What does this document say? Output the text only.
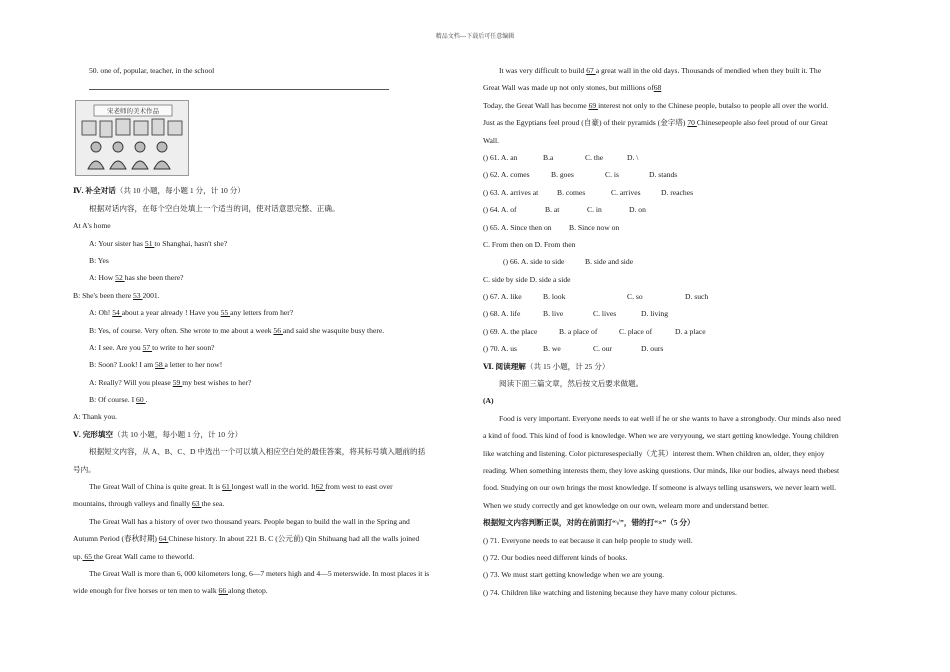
精品文档---下载后可任意编辑
50. one of, popular, teacher, in the school
宋老师的美术作品
Ⅳ. 补全对话（共 10 小题，每小题 1 分，计 10 分）
根据对话内容，在每个空白处填上一个适当的词，使对话意思完整、正确。
At A's home
A: Your sister has 51 to Shanghai, hasn't she?
B: Yes
A: How 52 has she been there?
B: She's been there 53 2001.
A: Oh! 54 about a year already ! Have you 55 any letters from her?
B: Yes, of course. Very often. She wrote to me about a week 56 and said she wasquite busy there.
A: I see. Are you 57 to write to her soon?
B: Soon? Look! I am 58 a letter to her now!
A: Really? Will you please 59 my best wishes to her?
B: Of course. I 60 .
A: Thank you.
Ⅴ. 完形填空（共 10 小题，每小题 1 分，计 10 分）
根据短文内容，从 A、B、C、D 中选出一个可以填入相应空白处的最佳答案，将其标号填入题前的括
号内。
The Great Wall of China is quite great. It is 61 longest wall in the world. It62 from west to east over
mountains, through valleys and finally 63 the sea.
The Great Wall has a history of over two thousand years. People began to build the wall in the Spring and
Autumn Period (春秋时期) 64 Chinese history. In about 221 B. C (公元前) Qin Shihuang had all the walls joined
up. 65 the Great Wall came to theworld.
The Great Wall is more than 6, 000 kilometers long, 6—7 meters high and 4—5 meterswide. In most places it is
wide enough for five horses or ten men to walk 66 along thetop.
It was very difficult to build 67 a great wall in the old days. Thousands of mendied when they built it. The
Great Wall was made up not only stones, but millions of68
Today, the Great Wall has become 69 interest not only to the Chinese people, butalso to people all over the world.
Just as the Egyptians feel proud (自豪) of their pyramids (金字塔) 70 Chinesepeople also feel proud of our Great
Wall.
() 61. A. an	B.a	C. the	D. \
() 62. A. comes	B. goes	C. is	D. stands
() 63. A. arrives at B. comes	C. arrives	D. reaches
() 64. A. of	B. at	C. in	D. on
() 65. A. Since then on B. Since now on
C. From then on D. From then
() 66. A. side to side	B. side and side
C. side by side D. side a side
() 67. A. like	B. look	C. so	D. such
() 68. A. life	B. live	C. lives	D. living
() 69. A. the place	B. a place of	C. place of	D. a place
() 70. A. us	B. we	C. our	D. ours
Ⅵ. 阅读理解（共 15 小题，计 25 分）
阅读下面三篇文章，然后按文后要求做题。
(A)
Food is very important. Everyone needs to eat well if he or she wants to have a strongbody. Our minds also need
a kind of food. This kind of food is knowledge. When we are veryyoung, we start getting knowledge. Young children
like watching and listening. Color picturesespecially（尤其）interest them. When children an, older, they enjoy
reading. When something interests them, they love asking questions. Our minds, like our bodies, always need thebest
food. Studying on our own brings the most knowledge. If someone is always telling usanswers, we never learn well.
When we study correctly and get knowledge on our own, welearn more and understand better.
根据短文内容判断正误，对的在前面打“√”，错的打“×”（5 分）
() 71. Everyone needs to eat because it can help people to study well.
() 72. Our bodies need different kinds of books.
() 73. We must start getting knowledge when we are young.
() 74. Children like watching and listening because they have many colour pictures.
